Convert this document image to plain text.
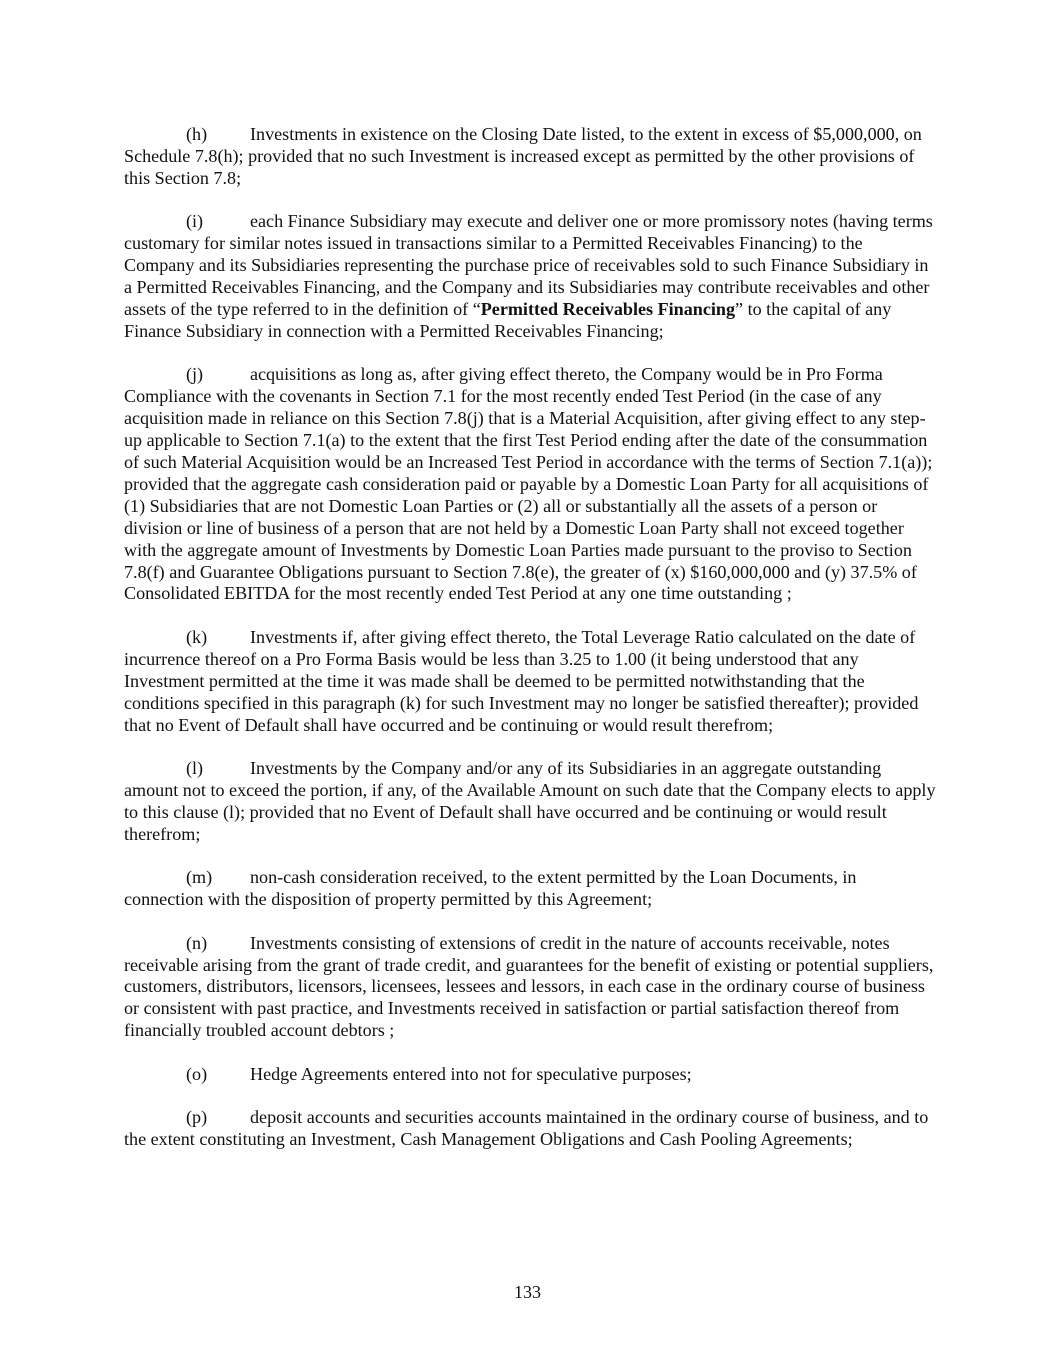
(h) Investments in existence on the Closing Date listed, to the extent in excess of $5,000,000, on Schedule 7.8(h); provided that no such Investment is increased except as permitted by the other provisions of this Section 7.8;

(i)	each Finance Subsidiary may execute and deliver one or more promissory notes (having terms customary for similar notes issued in transactions similar to a Permitted Receivables Financing) to the Company and its Subsidiaries representing the purchase price of receivables sold to such Finance Subsidiary in a Permitted Receivables Financing, and the Company and its Subsidiaries may contribute receivables and other assets of the type referred to in the definition of “Permitted Receivables Financing” to the capital of any Finance Subsidiary in connection with a Permitted Receivables Financing;

(j)	acquisitions as long as, after giving effect thereto, the Company would be in Pro Forma Compliance with the covenants in Section 7.1 for the most recently ended Test Period (in the case of any acquisition made in reliance on this Section 7.8(j) that is a Material Acquisition, after giving effect to any step-up applicable to Section 7.1(a) to the extent that the first Test Period ending after the date of the consummation of such Material Acquisition would be an Increased Test Period in accordance with the terms of Section 7.1(a)); provided that the aggregate cash consideration paid or payable by a Domestic Loan Party for all acquisitions of (1) Subsidiaries that are not Domestic Loan Parties or (2) all or substantially all the assets of a person or division or line of business of a person that are not held by a Domestic Loan Party shall not exceed together with the aggregate amount of Investments by Domestic Loan Parties made pursuant to the proviso to Section 7.8(f) and Guarantee Obligations pursuant to Section 7.8(e), the greater of (x) $160,000,000 and (y) 37.5% of Consolidated EBITDA for the most recently ended Test Period at any one time outstanding ;

(k) Investments if, after giving effect thereto, the Total Leverage Ratio calculated on the date of incurrence thereof on a Pro Forma Basis would be less than 3.25 to 1.00 (it being understood that any Investment permitted at the time it was made shall be deemed to be permitted notwithstanding that the conditions specified in this paragraph (k) for such Investment may no longer be satisfied thereafter); provided that no Event of Default shall have occurred and be continuing or would result therefrom;

(l)	Investments by the Company and/or any of its Subsidiaries in an aggregate outstanding amount not to exceed the portion, if any, of the Available Amount on such date that the Company elects to apply to this clause (l); provided that no Event of Default shall have occurred and be continuing or would result therefrom;

(m) non-cash consideration received, to the extent permitted by the Loan Documents, in connection with the disposition of property permitted by this Agreement;

(n) Investments consisting of extensions of credit in the nature of accounts receivable, notes receivable arising from the grant of trade credit, and guarantees for the benefit of existing or potential suppliers, customers, distributors, licensors, licensees, lessees and lessors, in each case in the ordinary course of business or consistent with past practice, and Investments received in satisfaction or partial satisfaction thereof from financially troubled account debtors ;

(o) Hedge Agreements entered into not for speculative purposes;

(p) deposit accounts and securities accounts maintained in the ordinary course of business, and to the extent constituting an Investment, Cash Management Obligations and Cash Pooling Agreements;

133
